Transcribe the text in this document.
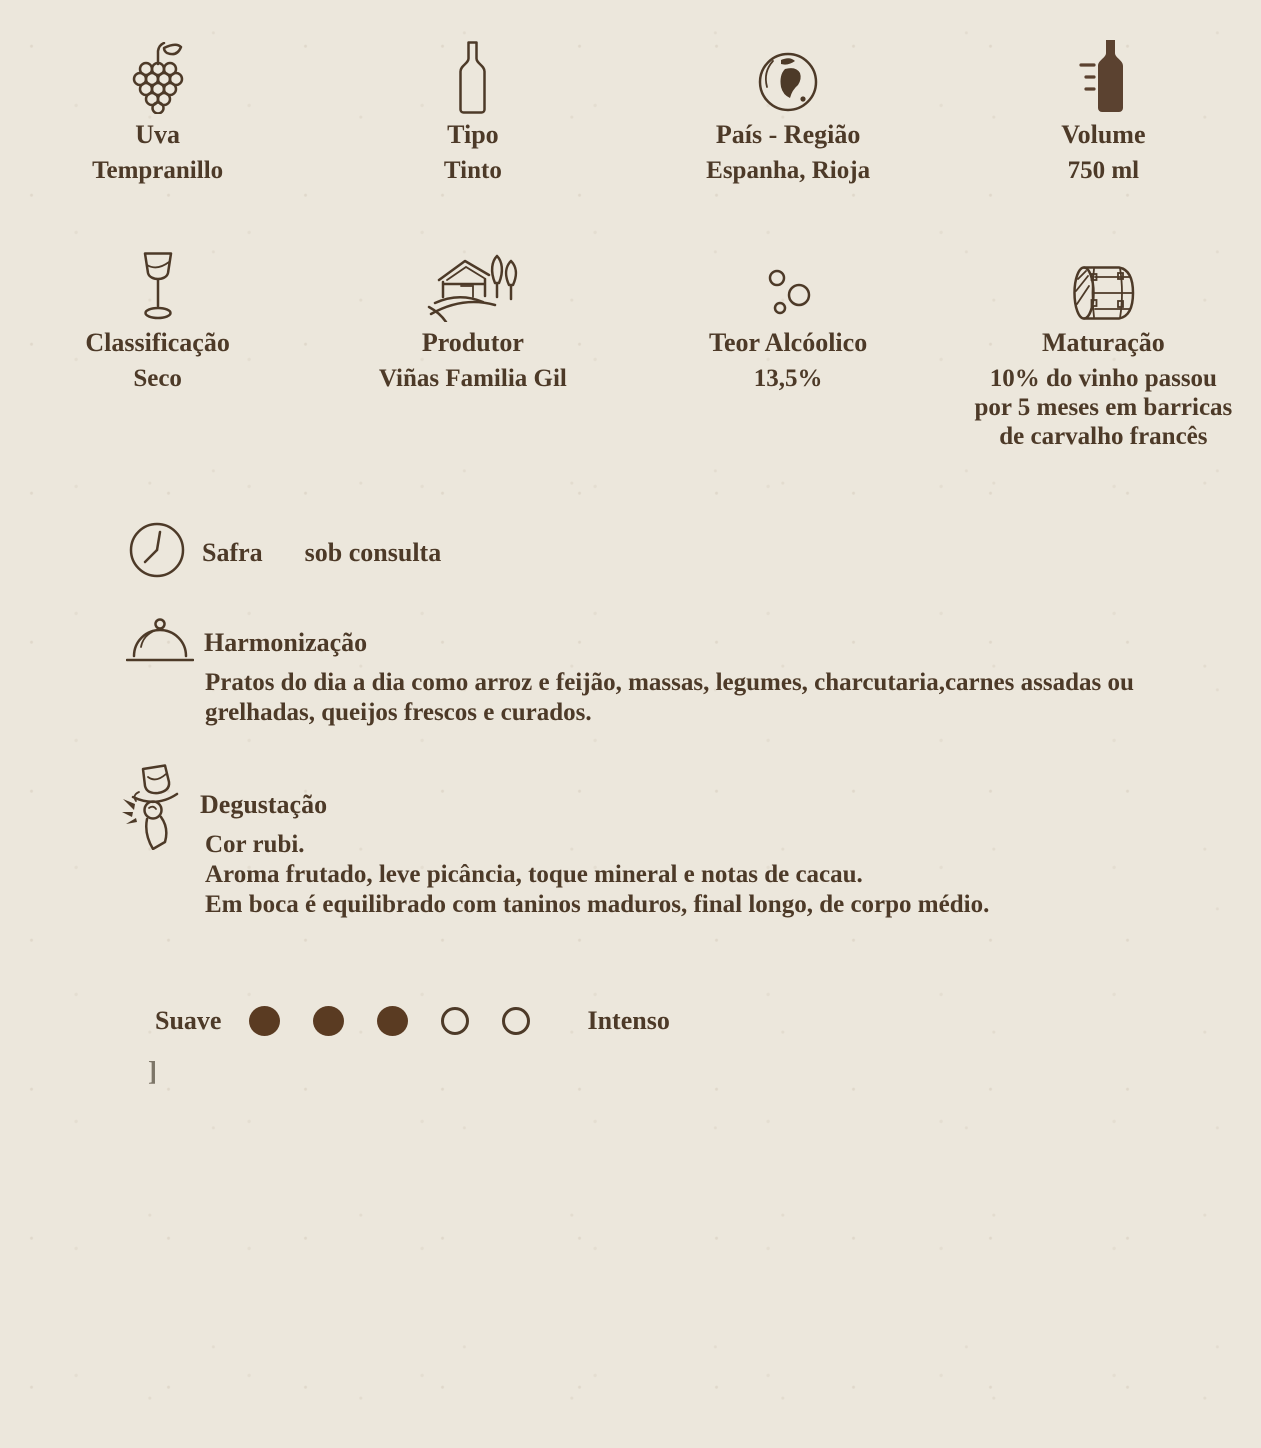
Uva
Tempranillo
Tipo
Tinto
País - Região
Espanha, Rioja
Volume
750 ml
Classificação
Seco
Produtor
Viñas Familia Gil
Teor Alcóolico
13,5%
Maturação
10% do vinho passou por 5 meses em barricas de carvalho francês
Safra sob consulta
Harmonização
Pratos do dia a dia como arroz e feijão, massas, legumes, charcutaria,carnes assadas ou grelhadas, queijos frescos e curados.
Degustação
Cor rubi.
Aroma frutado, leve picância, toque mineral e notas de cacau.
Em boca é equilibrado com taninos maduros, final longo, de corpo médio.
Suave	Intenso
]
